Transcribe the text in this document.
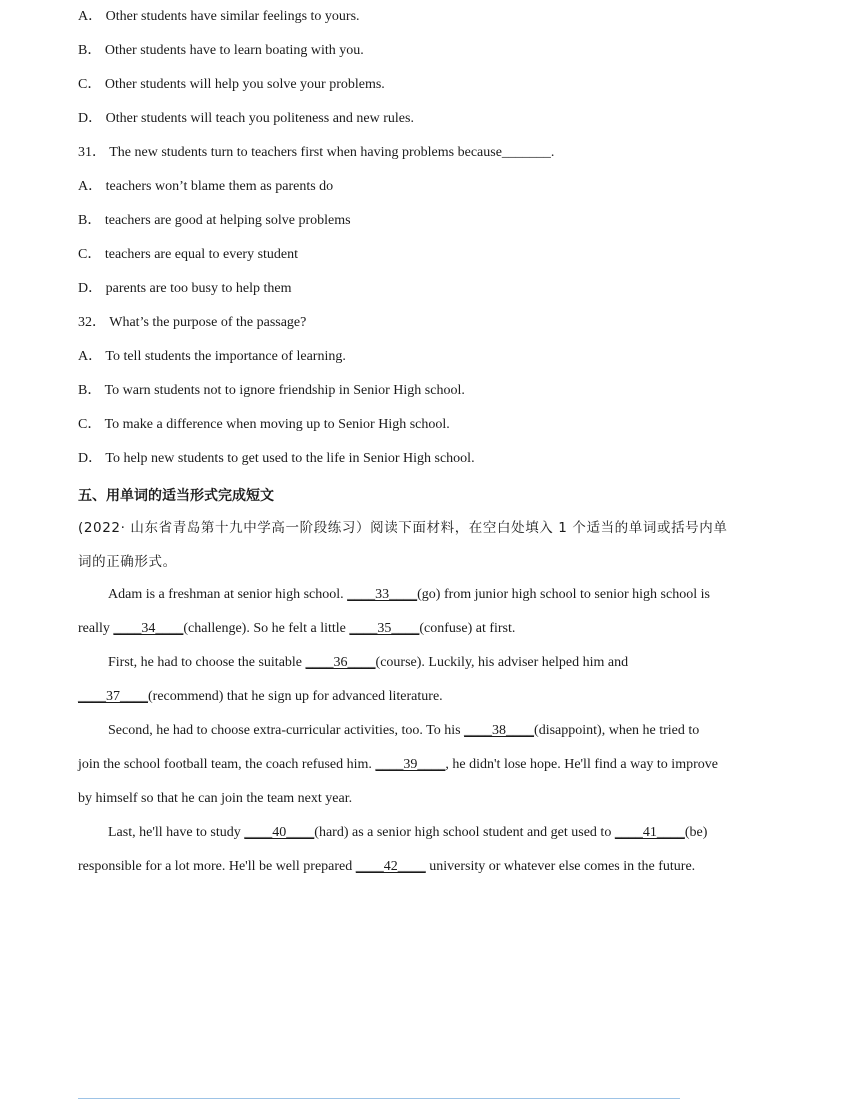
A． Other students have similar feelings to yours.
B． Other students have to learn boating with you.
C． Other students will help you solve your problems.
D． Other students will teach you politeness and new rules.
31． The new students turn to teachers first when having problems because_______.
A． teachers won’t blame them as parents do
B． teachers are good at helping solve problems
C． teachers are equal to every student
D． parents are too busy to help them
32． What’s the purpose of the passage?
A． To tell students the importance of learning.
B． To warn students not to ignore friendship in Senior High school.
C． To make a difference when moving up to Senior High school.
D． To help new students to get used to the life in Senior High school.
五、用单词的适当形式完成短文
(2022· 山东省青岛第十九中学高一阶段练习）阅读下面材料，在空白处填入 1 个适当的单词或括号内单
词的正确形式。
Adam is a freshman at senior high school. ____33____(go) from junior high school to senior high school is
really ____34____(challenge). So he felt a little ____35____(confuse) at first.
First, he had to choose the suitable ____36____(course). Luckily, his adviser helped him and
____37____(recommend) that he sign up for advanced literature.
Second, he had to choose extra-curricular activities, too. To his ____38____(disappoint), when he tried to
join the school football team, the coach refused him. ____39____, he didn't lose hope. He'll find a way to improve
by himself so that he can join the team next year.
Last, he'll have to study ____40____(hard) as a senior high school student and get used to ____41____(be)
responsible for a lot more. He'll be well prepared ____42____ university or whatever else comes in the future.
